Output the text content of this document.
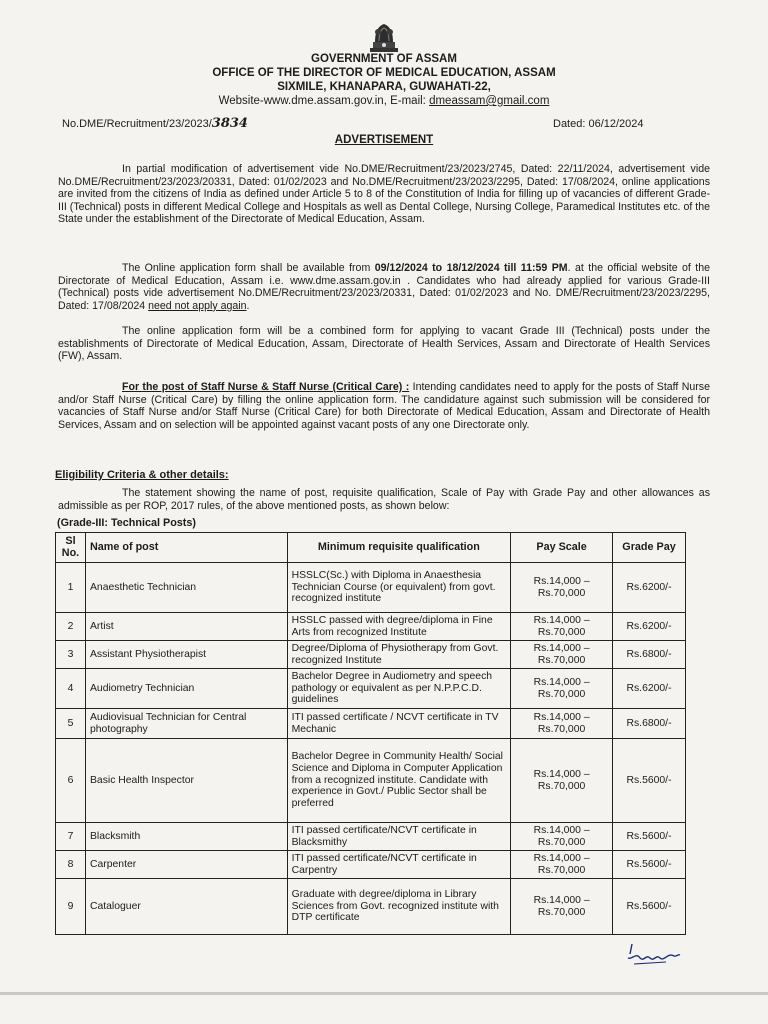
GOVERNMENT OF ASSAM
OFFICE OF THE DIRECTOR OF MEDICAL EDUCATION, ASSAM
SIXMILE, KHANAPARA, GUWAHATI-22,
Website-www.dme.assam.gov.in, E-mail: dmeassam@gmail.com
No.DME/Recruitment/23/2023/3834	Dated: 06/12/2024
ADVERTISEMENT
In partial modification of advertisement vide No.DME/Recruitment/23/2023/2745, Dated: 22/11/2024, advertisement vide No.DME/Recruitment/23/2023/20331, Dated: 01/02/2023 and No.DME/Recruitment/23/2023/2295, Dated: 17/08/2024, online applications are invited from the citizens of India as defined under Article 5 to 8 of the Constitution of India for filling up of vacancies of different Grade-III (Technical) posts in different Medical College and Hospitals as well as Dental College, Nursing College, Paramedical Institutes etc. of the State under the establishment of the Directorate of Medical Education, Assam.
The Online application form shall be available from 09/12/2024 to 18/12/2024 till 11:59 PM. at the official website of the Directorate of Medical Education, Assam i.e. www.dme.assam.gov.in . Candidates who had already applied for various Grade-III (Technical) posts vide advertisement No.DME/Recruitment/23/2023/20331, Dated: 01/02/2023 and No. DME/Recruitment/23/2023/2295, Dated: 17/08/2024 need not apply again.
The online application form will be a combined form for applying to vacant Grade III (Technical) posts under the establishments of Directorate of Medical Education, Assam, Directorate of Health Services, Assam and Directorate of Health Services (FW), Assam.
For the post of Staff Nurse & Staff Nurse (Critical Care) : Intending candidates need to apply for the posts of Staff Nurse and/or Staff Nurse (Critical Care) by filling the online application form. The candidature against such submission will be considered for vacancies of Staff Nurse and/or Staff Nurse (Critical Care) for both Directorate of Medical Education, Assam and Directorate of Health Services, Assam and on selection will be appointed against vacant posts of any one Directorate only.
Eligibility Criteria & other details:
The statement showing the name of post, requisite qualification, Scale of Pay with Grade Pay and other allowances as admissible as per ROP, 2017 rules, of the above mentioned posts, as shown below:
(Grade-III: Technical Posts)
Sl No.	Name of post	Minimum requisite qualification	Pay Scale	Grade Pay
1	Anaesthetic Technician	HSSLC(Sc.) with Diploma in Anaesthesia Technician Course (or equivalent) from govt. recognized institute	Rs.14,000 – Rs.70,000	Rs.6200/-
2	Artist	HSSLC passed with degree/diploma in Fine Arts from recognized Institute	Rs.14,000 – Rs.70,000	Rs.6200/-
3	Assistant Physiotherapist	Degree/Diploma of Physiotherapy from Govt. recognized Institute	Rs.14,000 – Rs.70,000	Rs.6800/-
4	Audiometry Technician	Bachelor Degree in Audiometry and speech pathology or equivalent as per N.P.P.C.D. guidelines	Rs.14,000 – Rs.70,000	Rs.6200/-
5	Audiovisual Technician for Central photography	ITI passed certificate / NCVT certificate in TV Mechanic	Rs.14,000 – Rs.70,000	Rs.6800/-
6	Basic Health Inspector	Bachelor Degree in Community Health/ Social Science and Diploma in Computer Application from a recognized institute. Candidate with experience in Govt./ Public Sector shall be preferred	Rs.14,000 – Rs.70,000	Rs.5600/-
7	Blacksmith	ITI passed certificate/NCVT certificate in Blacksmithy	Rs.14,000 – Rs.70,000	Rs.5600/-
8	Carpenter	ITI passed certificate/NCVT certificate in Carpentry	Rs.14,000 – Rs.70,000	Rs.5600/-
9	Cataloguer	Graduate with degree/diploma in Library Sciences from Govt. recognized institute with DTP certificate	Rs.14,000 – Rs.70,000	Rs.5600/-
